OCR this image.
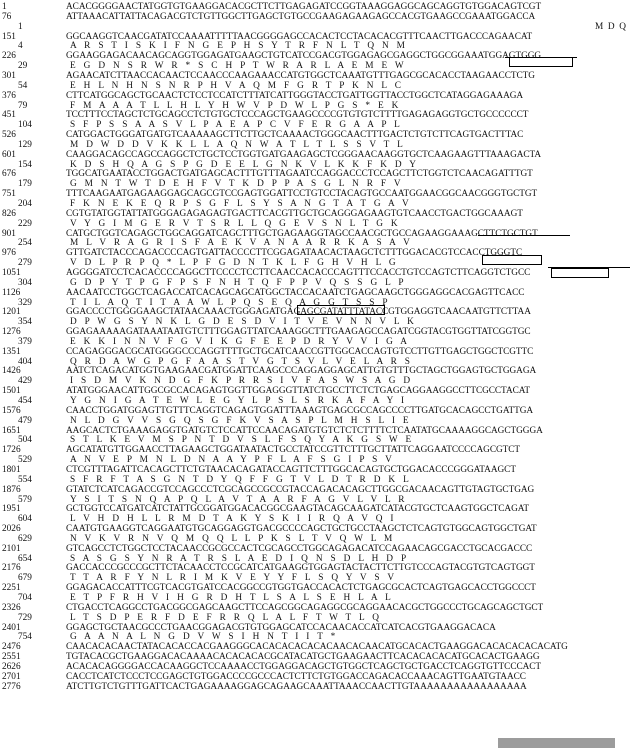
1	ACACGGGGAACTATGGTGTGAAGGACACGCTTCTTGAGAGATCCGGTAAAGGAGGCAGCAGGTGTGGACAGTCGT
76	ATTAAACATTATTACAGACGTCTGTTGGCTTGAGCTGTGCCGAAGAGAAGAGCCACGTGAAGCCGAAATGGACCA
1	M  D  Q
151	GGCAAGGTCAACGATATCCAAAATTTTTAACGGGGAGCCACACTCCTACACACGTTTCAACTTGACCCAGAACAT
4	A R S T I S K I F N G E P H S Y T R F N L T Q N M
226	GGAAGGAGACAACAGCAGGTGGAGATGAAGCTGTCATCCGACGTGGAGAGCGAGGCTGGCGGAAATGGAGTGGG
29	E G D N S R W R * S C H P T W R A R L A E M E W
301	AGAACATCTTAACCACAACTCCAACCCAAGAAACCATGTGGCTCAAATGTTTGAGCGCACACCTAAGAACCTCTG
54	E H L N H N S N R P H V A Q M F G R T P K N L C
376	CTTCATGGCAGCTGCAACTCTCCTCCATCTTTATCATTGGGTACCTGATTGGTTACCTGGCTCATAGGAGAAAGA
79	F M A A A T L L H L Y H W V P D W L P G S * E K
451	TCCTTTCCTAGCTCTGCAGCCTCTGTGCTCCCAGCTGAAGCCCCGTGTGTCTTTTGAGAGAGGTGCTGCCCCCCT
104	S F P S S A A S V L P A E A P C V F E R G A A P L
526	CATGGACTGGGATGATGTCAAAAAGCTTCTTGCTCAAAACTGGGCAACTTTGACTCTGTCTTCAGTGACTTTAC
129	M D W D D V K K L L A Q N W A T L T L S S V T L
601	CAAGGACAGCCAGCCAGGCTCTGCTCCTGGTGATGAAGAGCTCGGGAACAAGGTGCTCAAGAAGTTTAAAGACTA
154	K D S H Q A G S P G D E E L G N K V L K K F K D Y
676	TGGCATGAATACCTGGACTGATGAGCACTTTGTTTAGAATCCAGGACCCTCCAGCTTCTGGTCTCAACAGATTTGT
179	G M N T W T D E H F V T K D P P A S G L N R F V
751	TTTCAAGAATGAGAAGGAGCAGCGTCCGAGTGGATTCCTGTCCTACAGTGCCAATGGAACGGCAACGGGTGCTGT
204	F K N E K E Q R P S G F L S Y S A N G T A T G A V
826	CGTGTATGGTATTATGGGAGAGAGAGTGACTTCACGTTGCTGCAGGGAGAAGTGTCAACCTGACTGGCAAAGT
229	V Y G I M G E R V T S R L L Q G E V S N L T G K
901	CATGCTGGTCAGAGCTGGCAGGATCAGCTTTGCTGAGAAGGTAGCCAACGCTGCCAGAAGGAAAGCTTCTGCTGT
254	M L V R A G R I S F A E K V A N A A R R K A S A V
976	GTTGATCTACCCAGACCCCAGTGATTACCCCTTCGGAGATAACACTAAGCTCTTTGGACACGTCCACCTGGGTC
279	V D L P R P Q * L P F G D N T K L F G H V H L G
1051	AGGGGATCCTCACACCCCAGGCTTCCCCTCCTTCAACCACACCCAGTTTCCACCTGTCCAGTCTTCAGGTCTGCC
304	G D P Y T P G F P S F N H T Q F P P V Q S S G L P
1126	AACAATCCTGGCTCAGACCATCACAGCAGCATGGCTACCACAATCTGAGCAAGCTGGGAGGCACGAGTTCACC
329	T I L A Q T I T A A W L P Q S E Q A G G T S S P
1201	GGACCCCTGGGGAAGCTATAACAAACTGGGAGATGAGAGCGATATTTATACCGTGGAGGTCAACAATGTTCTTAA
354	D P W G S Y N K L G D E S D V I T V E V N N V L K
1276	GGAGAAAAAGATAAATAATGTCTTTGGAGTTATCAAAGGCTTTGAAGAGCCAGATCGGTACGTGGTTATCGGTGC
379	E K K I N N V F G V I K G F E E P D R Y V V I G A
1351	CCAGAGGGACGCATGGGGCCCAGGTTTTGCTGCATCAACCGTTGGCACCAGTGTCCTTGTTGAGCTGGCTCGTTC
404	Q R D A W G P G F A A S T V G T S V L V E L A R S
1426	AATCTCAGACATGGTGAAGAACGATGGATTCAAGCCCAGGAGGAGCATTGTGTTTGCTAGCTGGAGTGCTGGAGA
429	I S D M V K N D G F K P R R S I V F A S W S A G D
1501	ATATGGGAACATTGGCGCCACAGAGTGGTTGGAGGGTTATCTGCCTTCTCTGAGCAGGAAGGCCTTCGCCTACAT
454	Y G N I G A T E W L E G Y L P S L S R K A F A Y I
1576	CAACCTGGATGGAGTTGTTTCAGGTCAGAGTGGATTTAAAGTGAGCGCCAGCCCCTTGATGCACAGCCTGATTGA
479	N L D G V V S G Q S G F K V S A S P L M H S L I E
1651	AAGCACTCTGAAAGAGGTGATGTCTCCATTCCAACAGATGTGTCTCTCTTTTCTCAATATGCAAAAGGCAGCTGGGA
504	S T L K E V M S P N T D V S L F S Q Y A K G S W E
1726	AGCATATGTTGGAACCTTAGAAGCTGGATAATACTGCCTATCCGTTCTTTGCTTATTCAGGAATCCCCAGCGTCT
529	A N V E P M N L D N A A Y P F L A F S G I P S V
1801	CTCGTTTAGATTCACAGCTTCTGTAACACAGATACCAGTTCTTTGGCACAGTGCTGGACACCCGGGATAAGCT
554	S F R F T A S G N T D Y Q F F G T V L D T R D K L
1876	GTATCTCATCAGACCGTCCAGCCCTCGCAGCCGCCGTACCAGACACAGCTTGGCGACAACAGTTGTAGTGCTGAG
579	Y S I T S N Q A P Q L A V T A A R F A G V L V L R
1951	GCTGGTCCATGATCATCTATTGCGGATGGACACGGCGAAGTACAGCAAGATCATACGTGCTCAAGTGGCTCAGAT
604	L V H D H L L R M D T A K Y S K I I R Q A V Q I
2026	CAATGTGAAGGTCAGGAATGTGCAGGAGGTGACGCCCCAGCTGCTGCCTAAGCTCTCAGTGTGGCAGTGGCTGAT
629	N V K V R N V Q M Q Q L L P K S L T V Q W L M
2101	GTCAGCCTCTGGCTCCTACAACCGCGCCACTCGCAGCCTGGCAGAGACATCCAGAACAGCGACCTGCACGACCC
654	S A S G S Y N R A T R S L A E D I Q N S D L H D P
2176	GACCACCCGCCCGCTTCTACAACCTCCGCATCATGAAGGTGGAGTACTACTTCTTGTCCCAGTACGTGTCAGTGGT
679	T T A R F Y N L R I M K V E Y Y F L S Q Y V S V
2251	GGAGACACCATTTCGTCACGTGATCCACGGCCGTGGTGACCACACTCTGAGCGCACTCAGTGAGCACCTGGCCCT
704	E T P F R H V I H G R D H T L S A L S E H L A L
2326	CTGACCTCAGGCCTGACGGCGAGCAAGCTTCCAGCGGCAGAGGCGCAGGAACACGCTGGCCCTGCAGCAGCTGCT
729	L T S D P E R F D E F R R Q L A L F T W T L Q
2401	GGAGCTGCTAACGCCCTGAACGGAGACGTGTGGAGCATCCACAACACCATCATCACGTGAAGGACACA
754	G A A N A L N G D V W S I H N T I I T *
2476	CAACACACAACTATACACACCACGAAGGGCACACACACACACAACACAACATGCACACTGAAGGACACACACACACATG
2551	TGTACACGCTGAAGGACACAAAACACACACACGCATACATGCTGAAGAACTTCACACACACATGCACACTGAAGG
2626	ACACACAGGGGACCACAAGGCTCCAAAACCTGGAGGACAGCTGTGGCTCAGCTGCTGACCTCAGGTGTTCCCACT
2701	CACCTCATCTCCCTCCGAGCTGTGGACCCCGCCCACTCTTCTGTGGACCAGACACCAAACAGTTGAATGTAACC
2776	ATCTTGTCTGTTTGATTCACTGAGAAAAGGAGCAGAAGCAAATTAAACCAACTTGTAAAAAAAAAAAAAAAAA
